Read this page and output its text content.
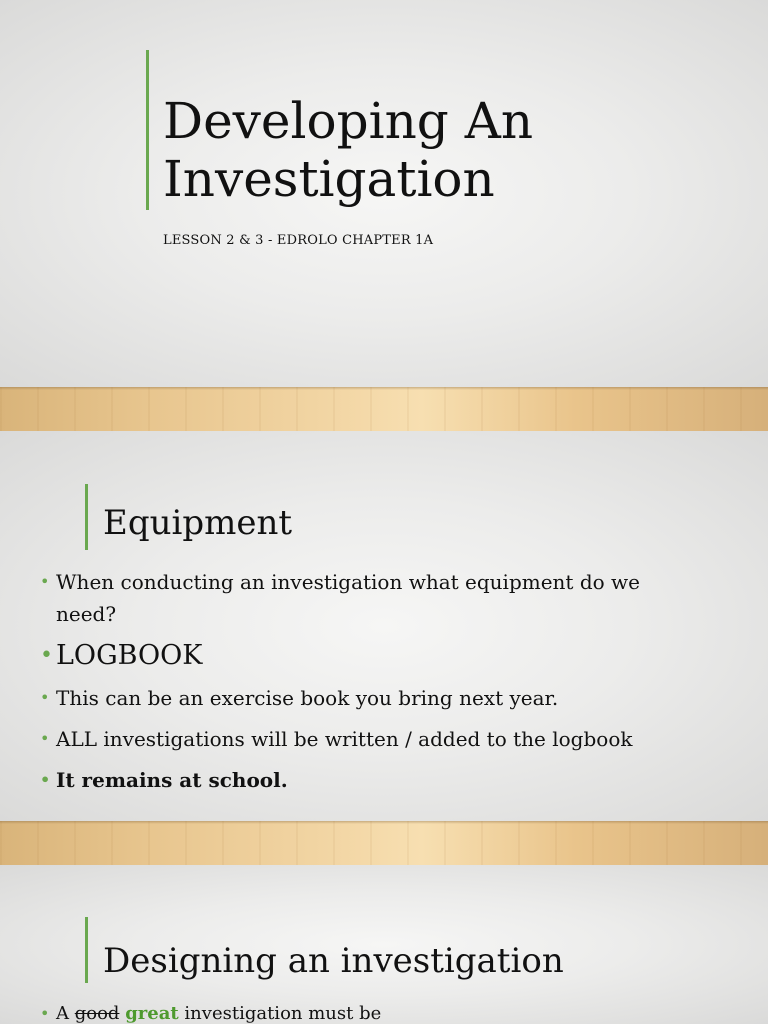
Developing An
Investigation
LESSON 2 & 3 - EDROLO CHAPTER 1A
Equipment
• When conducting an investigation what equipment do we need?
• LOGBOOK
• This can be an exercise book you bring next year.
• ALL investigations will be written / added to the logbook
• It remains at school.
Designing an investigation
• A good great investigation must be
